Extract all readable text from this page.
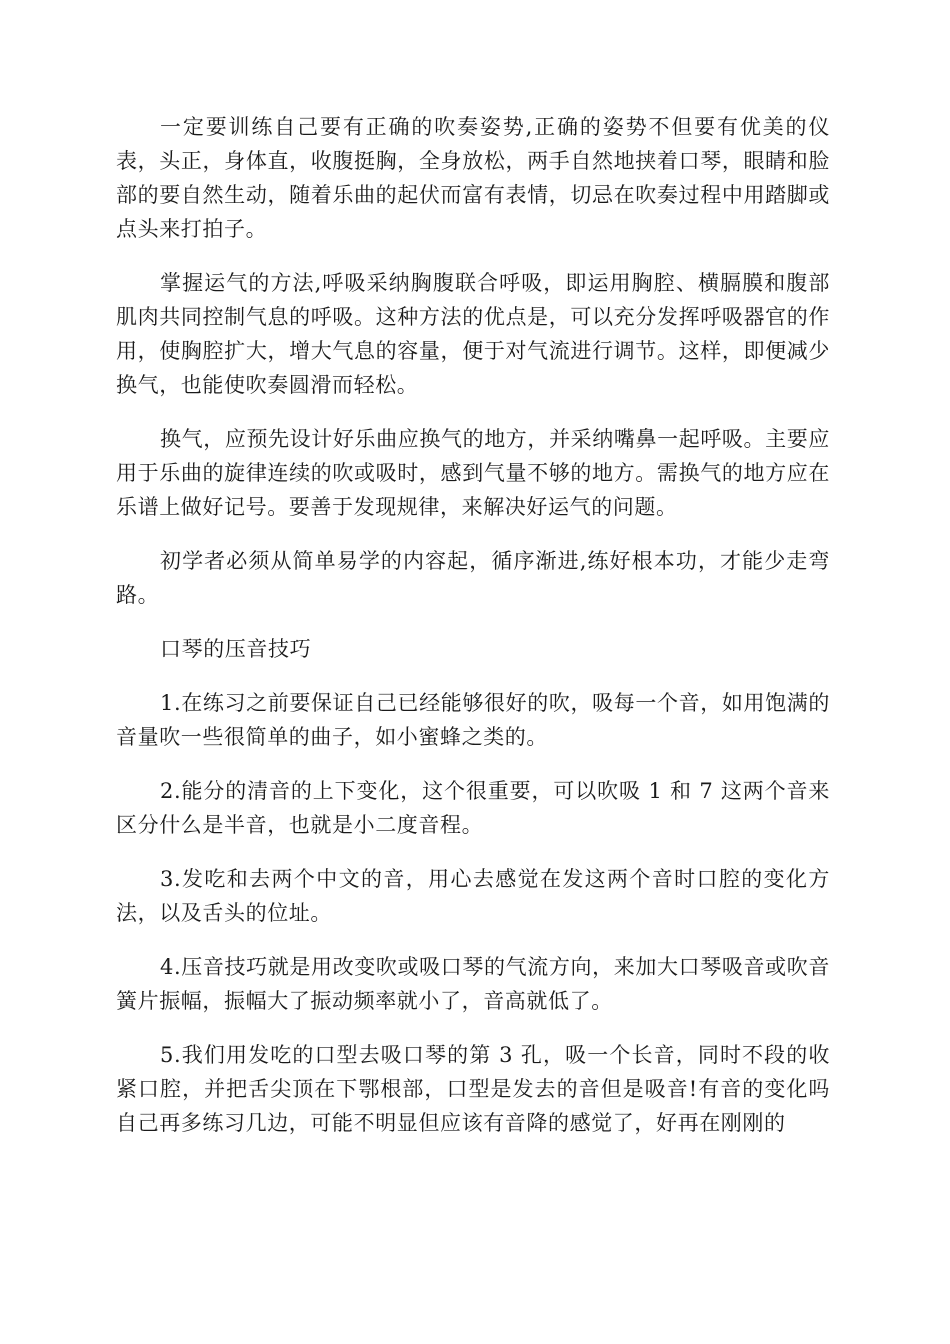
一定要训练自己要有正确的吹奏姿势,正确的姿势不但要有优美的仪表，头正，身体直，收腹挺胸，全身放松，两手自然地挟着口琴，眼睛和脸部的要自然生动，随着乐曲的起伏而富有表情，切忌在吹奏过程中用踏脚或点头来打拍子。

掌握运气的方法,呼吸采纳胸腹联合呼吸，即运用胸腔、横膈膜和腹部肌肉共同控制气息的呼吸。这种方法的优点是，可以充分发挥呼吸器官的作用，使胸腔扩大，增大气息的容量，便于对气流进行调节。这样，即便减少换气，也能使吹奏圆滑而轻松。

换气，应预先设计好乐曲应换气的地方，并采纳嘴鼻一起呼吸。主要应用于乐曲的旋律连续的吹或吸时，感到气量不够的地方。需换气的地方应在乐谱上做好记号。要善于发现规律，来解决好运气的问题。

初学者必须从简单易学的内容起，循序渐进,练好根本功，才能少走弯路。

口琴的压音技巧

1.在练习之前要保证自己已经能够很好的吹，吸每一个音，如用饱满的音量吹一些很简单的曲子，如小蜜蜂之类的。

2.能分的清音的上下变化，这个很重要，可以吹吸 1 和 7 这两个音来区分什么是半音，也就是小二度音程。

3.发吃和去两个中文的音，用心去感觉在发这两个音时口腔的变化方法，以及舌头的位址。

4.压音技巧就是用改变吹或吸口琴的气流方向，来加大口琴吸音或吹音簧片振幅，振幅大了振动频率就小了，音高就低了。

5.我们用发吃的口型去吸口琴的第 3 孔，吸一个长音，同时不段的收紧口腔，并把舌尖顶在下鄂根部，口型是发去的音但是吸音!有音的变化吗自己再多练习几边，可能不明显但应该有音降的感觉了，好再在刚刚的
